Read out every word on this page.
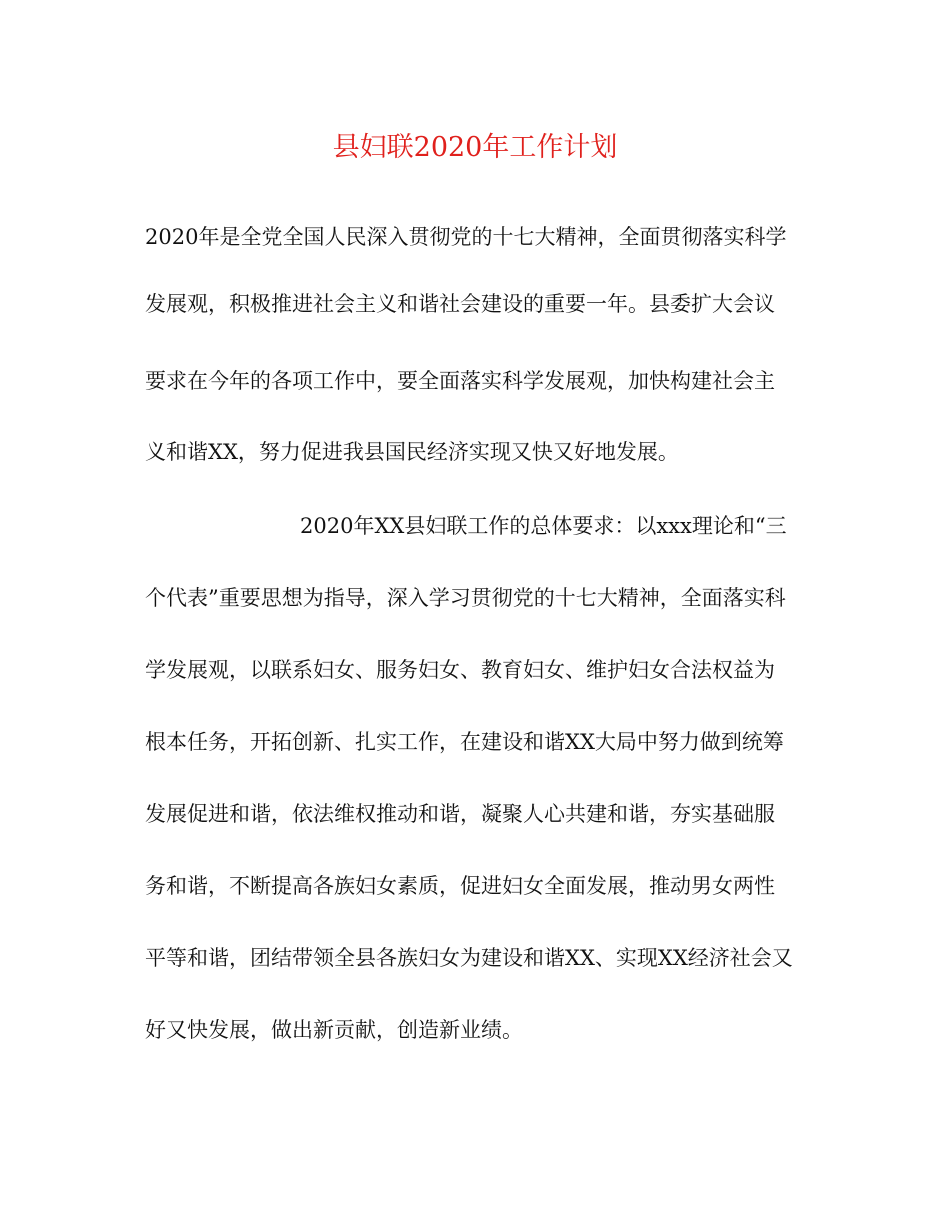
县妇联2020年工作计划

2020年是全党全国人民深入贯彻党的十七大精神，全面贯彻落实科学

发展观，积极推进社会主义和谐社会建设的重要一年。县委扩大会议

要求在今年的各项工作中，要全面落实科学发展观，加快构建社会主

义和谐XX，努力促进我县国民经济实现又快又好地发展。

2020年XX县妇联工作的总体要求：以xxx理论和“三

个代表”重要思想为指导，深入学习贯彻党的十七大精神，全面落实科

学发展观，以联系妇女、服务妇女、教育妇女、维护妇女合法权益为

根本任务，开拓创新、扎实工作，在建设和谐XX大局中努力做到统筹

发展促进和谐，依法维权推动和谐，凝聚人心共建和谐，夯实基础服

务和谐，不断提高各族妇女素质，促进妇女全面发展，推动男女两性

平等和谐，团结带领全县各族妇女为建设和谐XX、实现XX经济社会又

好又快发展，做出新贡献，创造新业绩。
